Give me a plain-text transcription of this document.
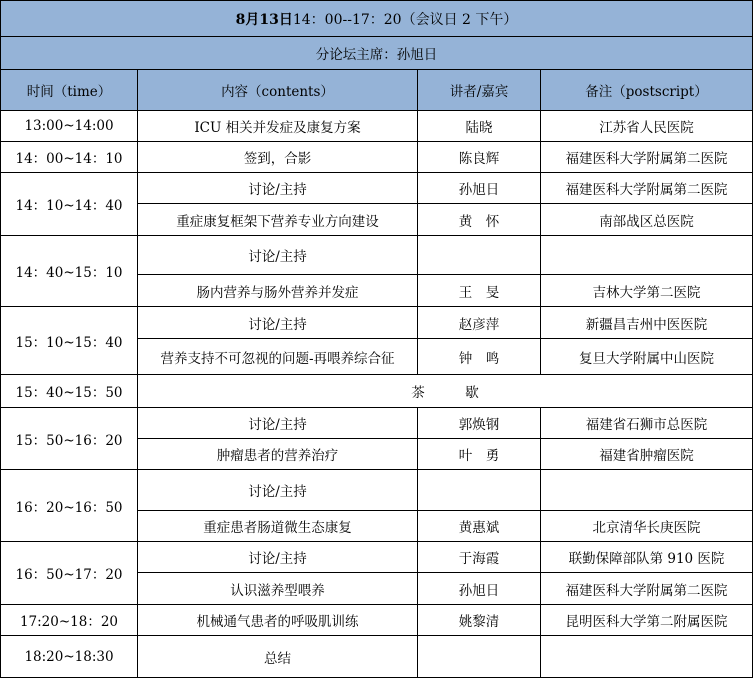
8月13日14：00--17：20（会议日 2 下午）			
分论坛主席：孙旭日			
时间（time）	内容（contents）	讲者/嘉宾	备注（postscript）
13:00~14:00	ICU 相关并发症及康复方案	陆晓	江苏省人民医院
14：00~14：10	签到，合影	陈良辉	福建医科大学附属第二医院
14：10~14：40	讨论/主持	孙旭日	福建医科大学附属第二医院
	重症康复框架下营养专业方向建设	黄　怀	南部战区总医院
14：40~15：10	讨论/主持		
	肠内营养与肠外营养并发症	王　旻	吉林大学第二医院
15：10~15：40	讨论/主持	赵彦萍	新疆昌吉州中医医院
	营养支持不可忽视的问题-再喂养综合征	钟　鸣	复旦大学附属中山医院
15：40~15：50	茶　　　歇		
15：50~16：20	讨论/主持	郭焕钢	福建省石狮市总医院
	肿瘤患者的营养治疗	叶　勇	福建省肿瘤医院
16：20~16：50	讨论/主持		
	重症患者肠道微生态康复	黄惠斌	北京清华长庚医院
16：50~17：20	讨论/主持	于海霞	联勤保障部队第 910 医院
	认识滋养型喂养	孙旭日	福建医科大学附属第二医院
17:20~18：20	机械通气患者的呼吸肌训练	姚黎清	昆明医科大学第二附属医院
18:20~18:30	总结		
